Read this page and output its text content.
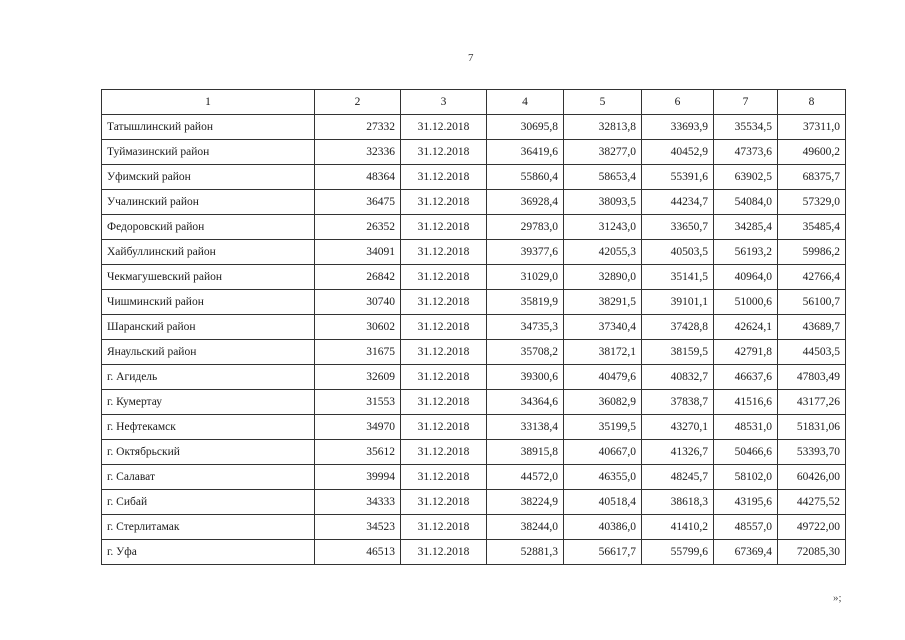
7
1	2	3	4	5	6	7	8
Татышлинский район	27332	31.12.2018	30695,8	32813,8	33693,9	35534,5	37311,0
Туймазинский район	32336	31.12.2018	36419,6	38277,0	40452,9	47373,6	49600,2
Уфимский район	48364	31.12.2018	55860,4	58653,4	55391,6	63902,5	68375,7
Учалинский район	36475	31.12.2018	36928,4	38093,5	44234,7	54084,0	57329,0
Федоровский район	26352	31.12.2018	29783,0	31243,0	33650,7	34285,4	35485,4
Хайбуллинский район	34091	31.12.2018	39377,6	42055,3	40503,5	56193,2	59986,2
Чекмагушевский район	26842	31.12.2018	31029,0	32890,0	35141,5	40964,0	42766,4
Чишминский район	30740	31.12.2018	35819,9	38291,5	39101,1	51000,6	56100,7
Шаранский район	30602	31.12.2018	34735,3	37340,4	37428,8	42624,1	43689,7
Янаульский район	31675	31.12.2018	35708,2	38172,1	38159,5	42791,8	44503,5
г. Агидель	32609	31.12.2018	39300,6	40479,6	40832,7	46637,6	47803,49
г. Кумертау	31553	31.12.2018	34364,6	36082,9	37838,7	41516,6	43177,26
г. Нефтекамск	34970	31.12.2018	33138,4	35199,5	43270,1	48531,0	51831,06
г. Октябрьский	35612	31.12.2018	38915,8	40667,0	41326,7	50466,6	53393,70
г. Салават	39994	31.12.2018	44572,0	46355,0	48245,7	58102,0	60426,00
г. Сибай	34333	31.12.2018	38224,9	40518,4	38618,3	43195,6	44275,52
г. Стерлитамак	34523	31.12.2018	38244,0	40386,0	41410,2	48557,0	49722,00
г. Уфа	46513	31.12.2018	52881,3	56617,7	55799,6	67369,4	72085,30
»;
